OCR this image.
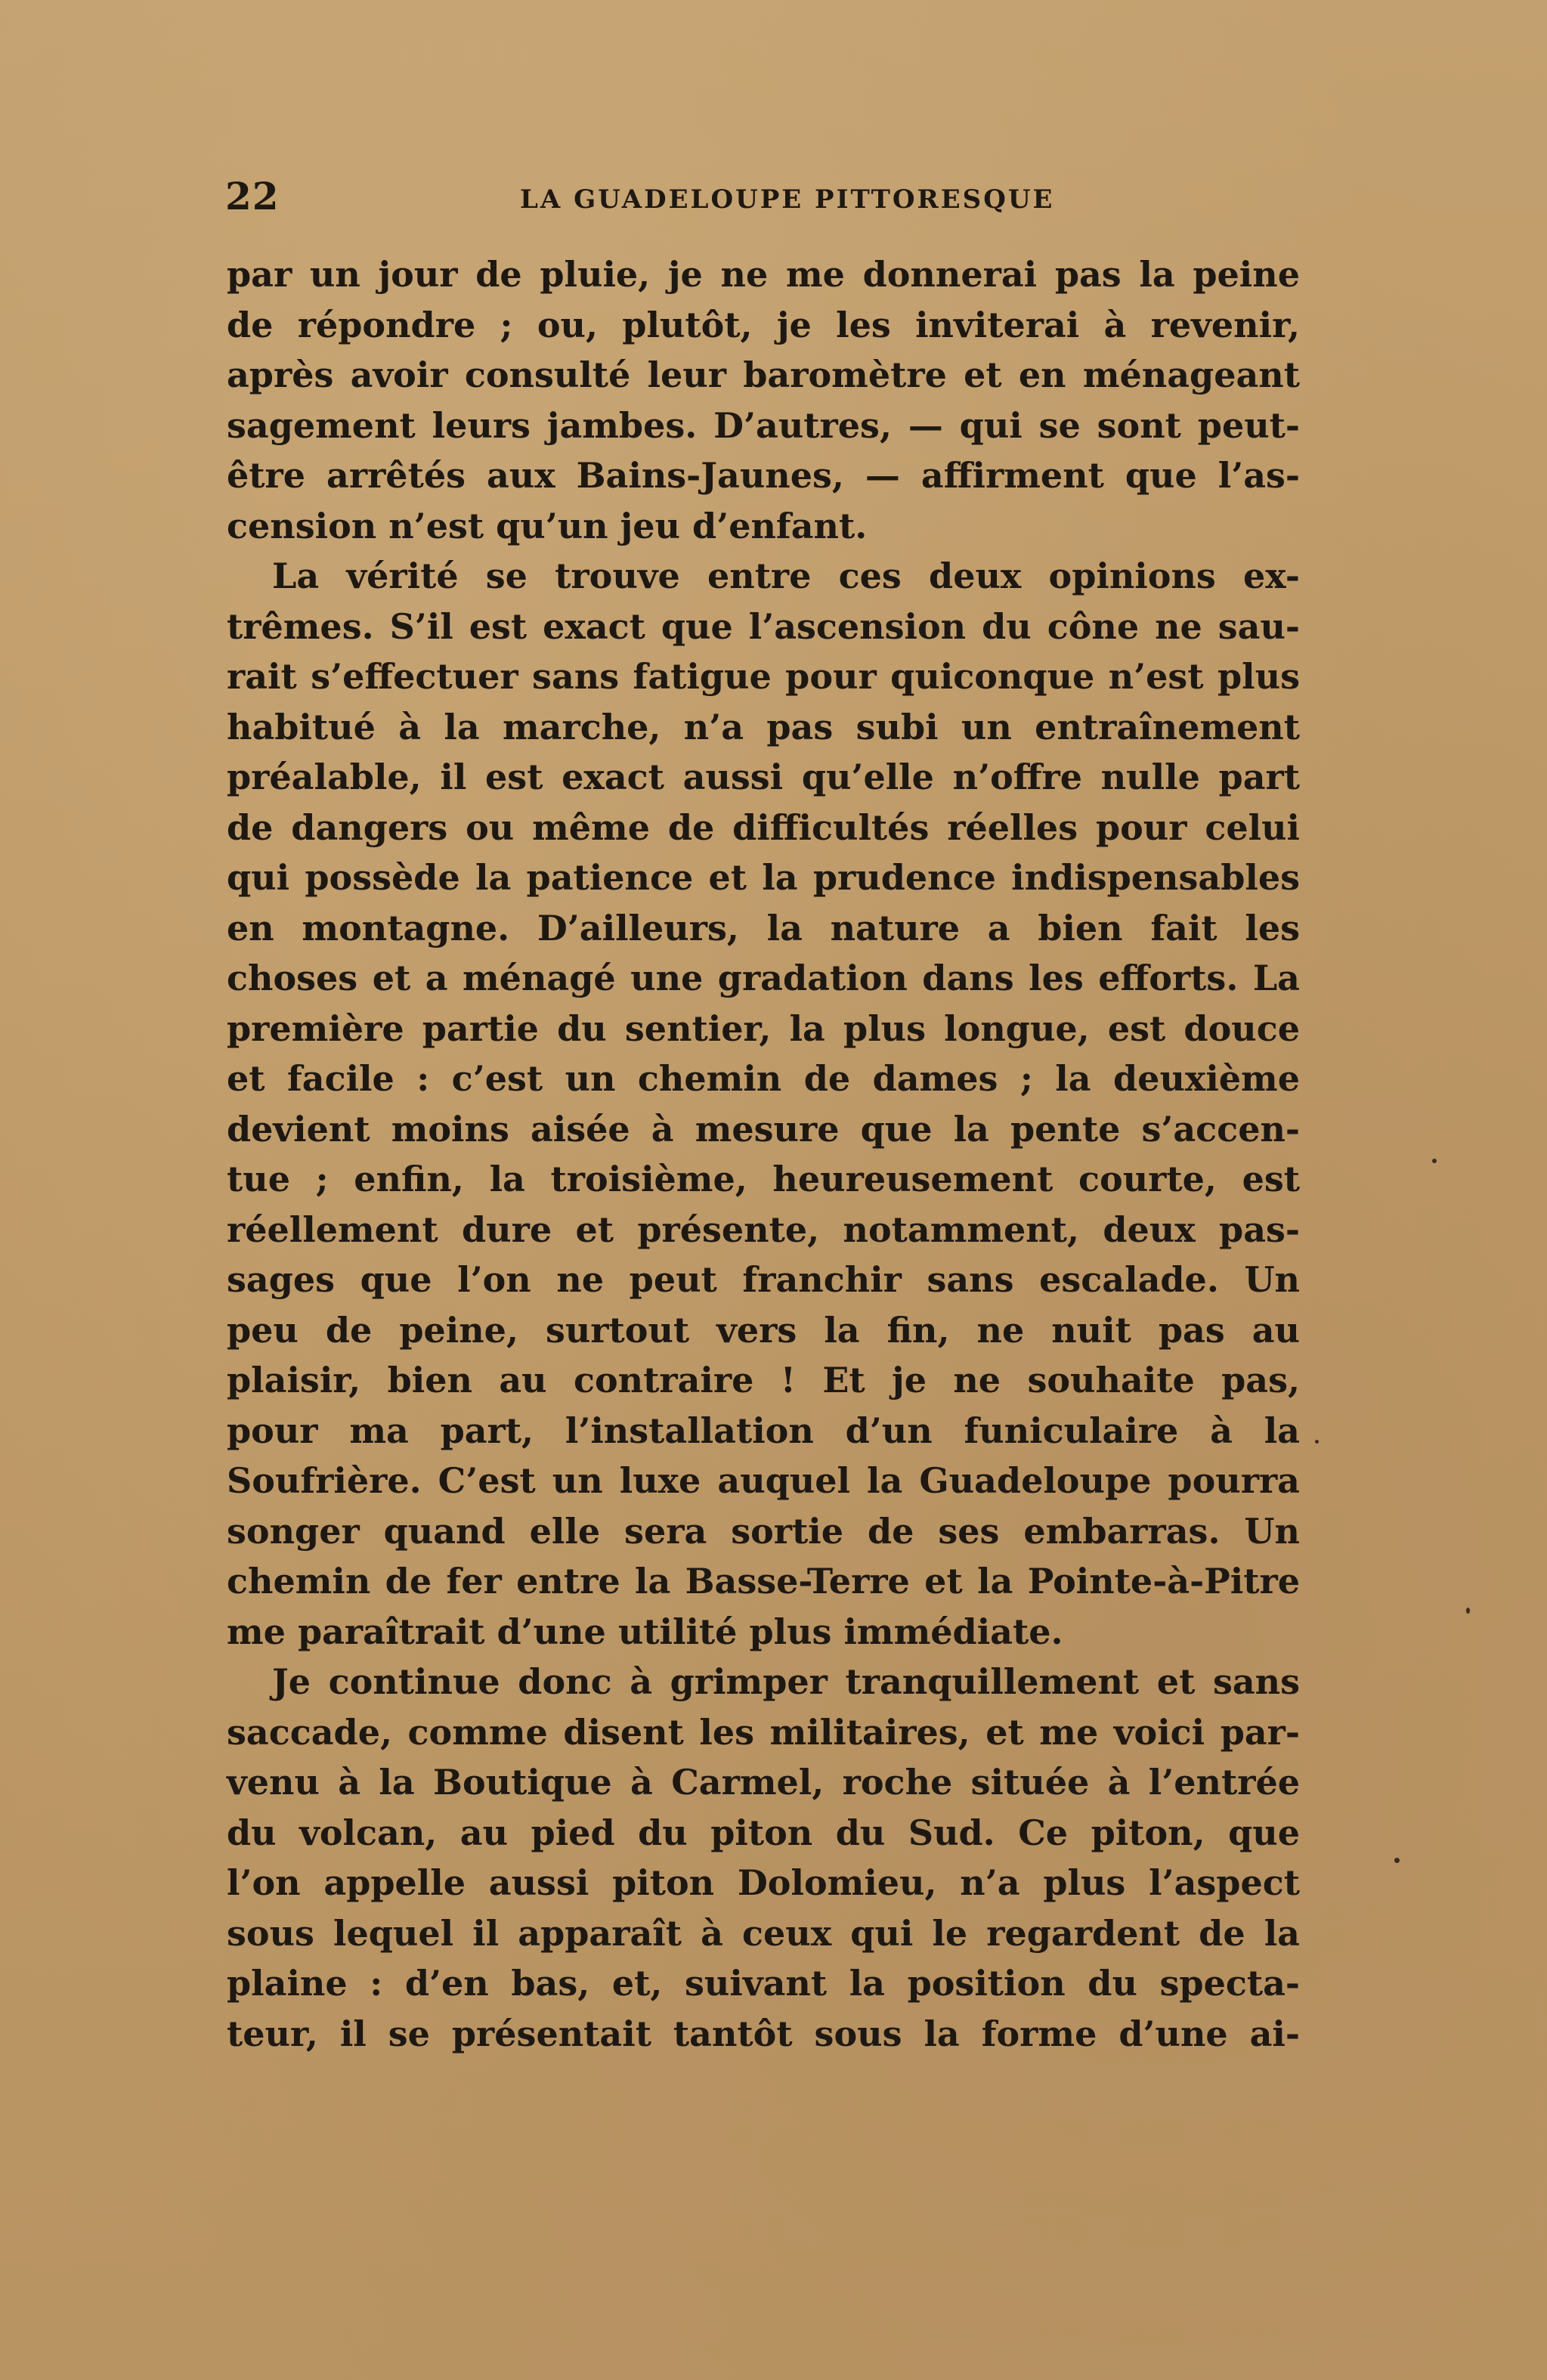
22	LA GUADELOUPE PITTORESQUE
par un jour de pluie, je ne me donnerai pas la peine
de répondre ; ou, plutôt, je les inviterai à revenir,
après avoir consulté leur baromètre et en ménageant
sagement leurs jambes. D’autres, — qui se sont peut-
être arrêtés aux Bains-Jaunes, — affirment que l’as-
cension n’est qu’un jeu d’enfant.
La vérité se trouve entre ces deux opinions ex-
trêmes. S’il est exact que l’ascension du cône ne sau-
rait s’effectuer sans fatigue pour quiconque n’est plus
habitué à la marche, n’a pas subi un entraînement
préalable, il est exact aussi qu’elle n’offre nulle part
de dangers ou même de difficultés réelles pour celui
qui possède la patience et la prudence indispensables
en montagne. D’ailleurs, la nature a bien fait les
choses et a ménagé une gradation dans les efforts. La
première partie du sentier, la plus longue, est douce
et facile : c’est un chemin de dames ; la deuxième
devient moins aisée à mesure que la pente s’accen-
tue ; enfin, la troisième, heureusement courte, est
réellement dure et présente, notamment, deux pas-
sages que l’on ne peut franchir sans escalade. Un
peu de peine, surtout vers la fin, ne nuit pas au
plaisir, bien au contraire ! Et je ne souhaite pas,
pour ma part, l’installation d’un funiculaire à la
Soufrière. C’est un luxe auquel la Guadeloupe pourra
songer quand elle sera sortie de ses embarras. Un
chemin de fer entre la Basse-Terre et la Pointe-à-Pitre
me paraîtrait d’une utilité plus immédiate.
Je continue donc à grimper tranquillement et sans
saccade, comme disent les militaires, et me voici par-
venu à la Boutique à Carmel, roche située à l’entrée
du volcan, au pied du piton du Sud. Ce piton, que
l’on appelle aussi piton Dolomieu, n’a plus l’aspect
sous lequel il apparaît à ceux qui le regardent de la
plaine : d’en bas, et, suivant la position du specta-
teur, il se présentait tantôt sous la forme d’une ai-
